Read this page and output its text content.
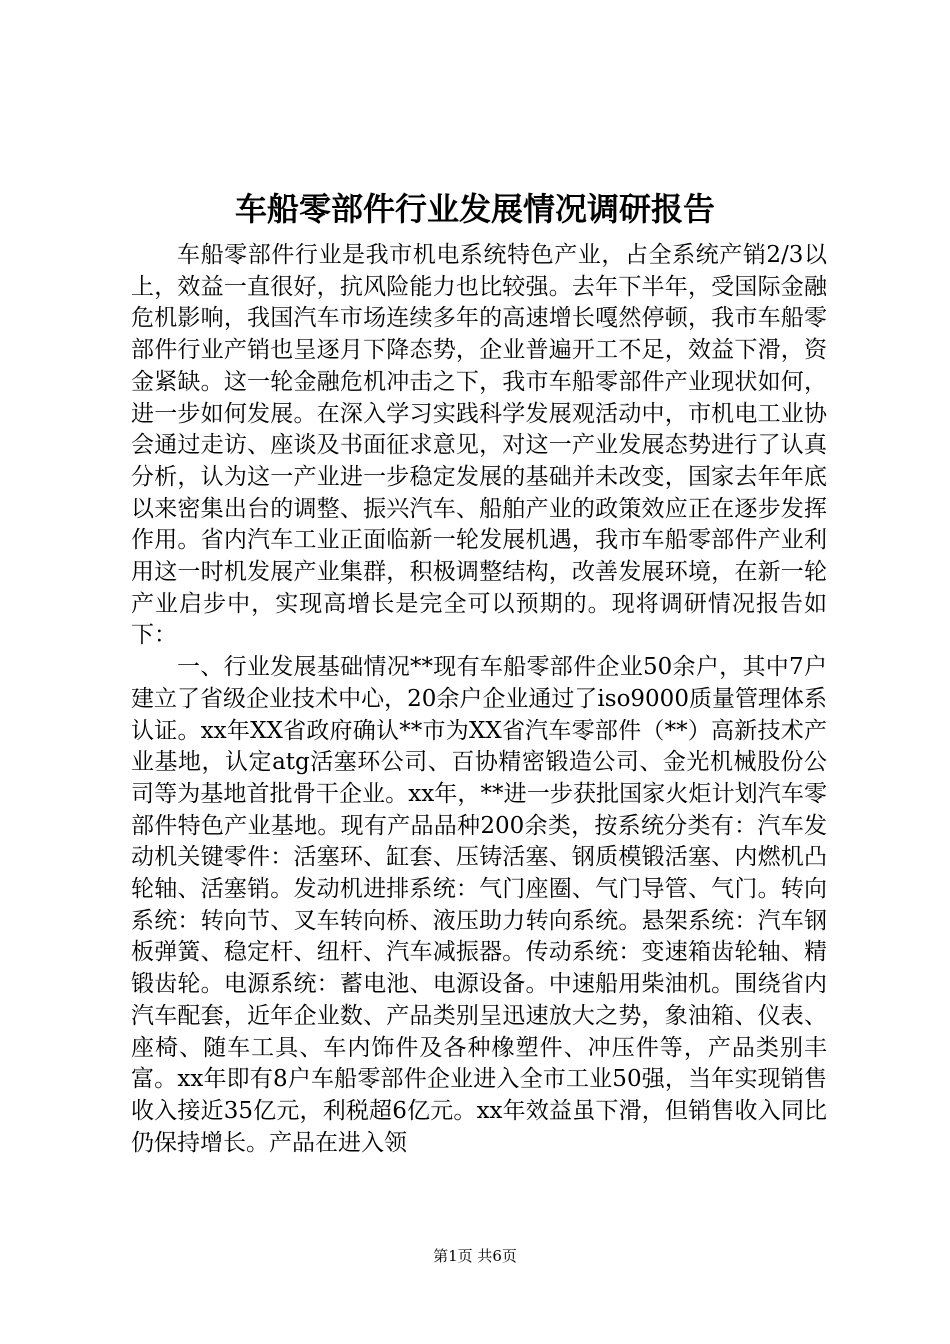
车船零部件行业发展情况调研报告

车船零部件行业是我市机电系统特色产业，占全系统产销2/3以上，效益一直很好，抗风险能力也比较强。去年下半年，受国际金融危机影响，我国汽车市场连续多年的高速增长嘎然停顿，我市车船零部件行业产销也呈逐月下降态势，企业普遍开工不足，效益下滑，资金紧缺。这一轮金融危机冲击之下，我市车船零部件产业现状如何，进一步如何发展。在深入学习实践科学发展观活动中，市机电工业协会通过走访、座谈及书面征求意见，对这一产业发展态势进行了认真分析，认为这一产业进一步稳定发展的基础并未改变，国家去年年底以来密集出台的调整、振兴汽车、船舶产业的政策效应正在逐步发挥作用。省内汽车工业正面临新一轮发展机遇，我市车船零部件产业利用这一时机发展产业集群，积极调整结构，改善发展环境，在新一轮产业启步中，实现高增长是完全可以预期的。现将调研情况报告如下：

一、行业发展基础情况**现有车船零部件企业50余户，其中7户建立了省级企业技术中心，20余户企业通过了iso9000质量管理体系认证。xx年XX省政府确认**市为XX省汽车零部件（**）高新技术产业基地，认定atg活塞环公司、百协精密锻造公司、金光机械股份公司等为基地首批骨干企业。xx年，**进一步获批国家火炬计划汽车零部件特色产业基地。现有产品品种200余类，按系统分类有：汽车发动机关键零件：活塞环、缸套、压铸活塞、钢质模锻活塞、内燃机凸轮轴、活塞销。发动机进排系统：气门座圈、气门导管、气门。转向系统：转向节、叉车转向桥、液压助力转向系统。悬架系统：汽车钢板弹簧、稳定杆、纽杆、汽车减振器。传动系统：变速箱齿轮轴、精锻齿轮。电源系统：蓄电池、电源设备。中速船用柴油机。围绕省内汽车配套，近年企业数、产品类别呈迅速放大之势，象油箱、仪表、座椅、随车工具、车内饰件及各种橡塑件、冲压件等，产品类别丰富。xx年即有8户车船零部件企业进入全市工业50强，当年实现销售收入接近35亿元，利税超6亿元。xx年效益虽下滑，但销售收入同比仍保持增长。产品在进入领

第1页 共6页
